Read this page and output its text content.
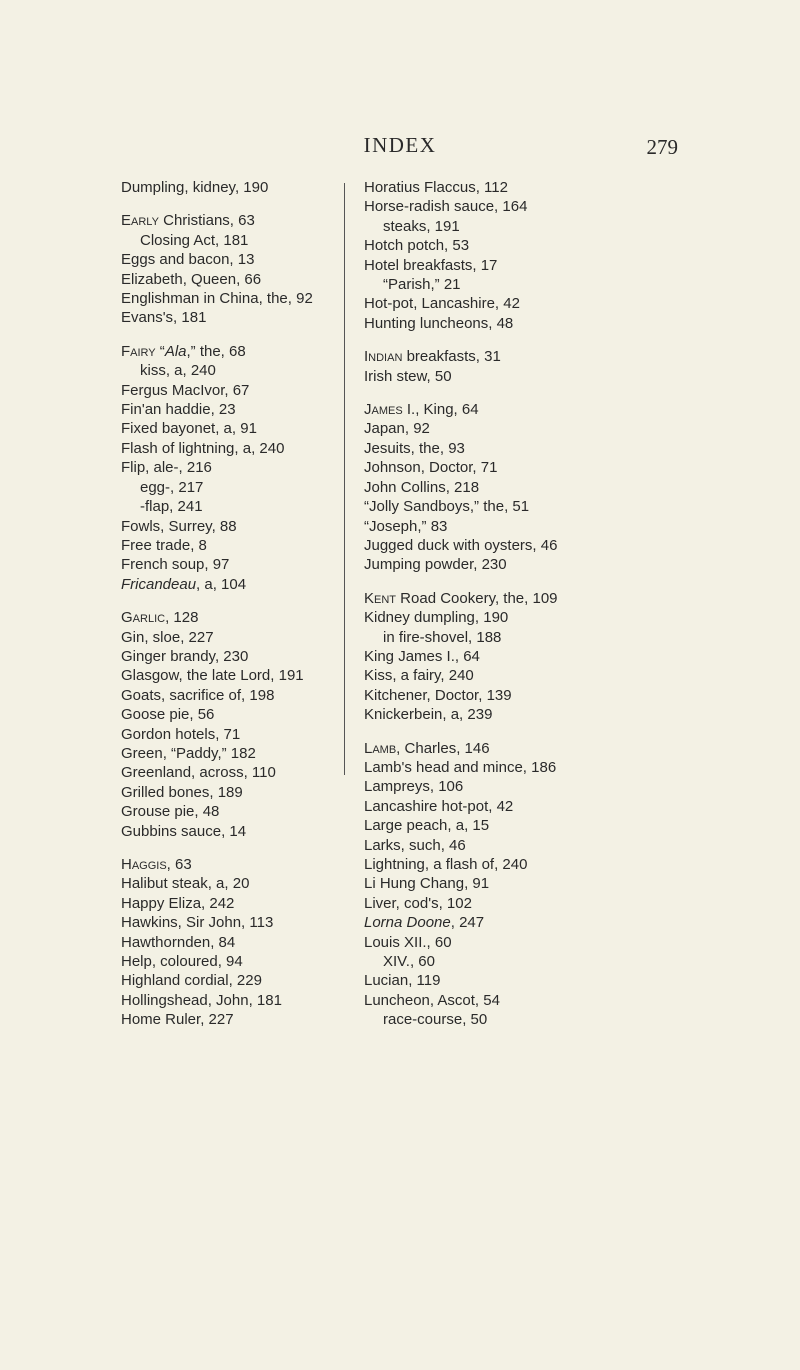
INDEX	279
Dumpling, kidney, 190
Early Christians, 63
Closing Act, 181
Eggs and bacon, 13
Elizabeth, Queen, 66
Englishman in China, the, 92
Evans's, 181
Fairy “Ala,” the, 68
kiss, a, 240
Fergus MacIvor, 67
Fin'an haddie, 23
Fixed bayonet, a, 91
Flash of lightning, a, 240
Flip, ale-, 216
egg-, 217
-flap, 241
Fowls, Surrey, 88
Free trade, 8
French soup, 97
Fricandeau, a, 104
Garlic, 128
Gin, sloe, 227
Ginger brandy, 230
Glasgow, the late Lord, 191
Goats, sacrifice of, 198
Goose pie, 56
Gordon hotels, 71
Green, “Paddy,” 182
Greenland, across, 110
Grilled bones, 189
Grouse pie, 48
Gubbins sauce, 14
Haggis, 63
Halibut steak, a, 20
Happy Eliza, 242
Hawkins, Sir John, 113
Hawthornden, 84
Help, coloured, 94
Highland cordial, 229
Hollingshead, John, 181
Home Ruler, 227
Horatius Flaccus, 112
Horse-radish sauce, 164
steaks, 191
Hotch potch, 53
Hotel breakfasts, 17
“Parish,” 21
Hot-pot, Lancashire, 42
Hunting luncheons, 48
Indian breakfasts, 31
Irish stew, 50
James I., King, 64
Japan, 92
Jesuits, the, 93
Johnson, Doctor, 71
John Collins, 218
“Jolly Sandboys,” the, 51
“Joseph,” 83
Jugged duck with oysters, 46
Jumping powder, 230
Kent Road Cookery, the, 109
Kidney dumpling, 190
in fire-shovel, 188
King James I., 64
Kiss, a fairy, 240
Kitchener, Doctor, 139
Knickerbein, a, 239
Lamb, Charles, 146
Lamb's head and mince, 186
Lampreys, 106
Lancashire hot-pot, 42
Large peach, a, 15
Larks, such, 46
Lightning, a flash of, 240
Li Hung Chang, 91
Liver, cod's, 102
Lorna Doone, 247
Louis XII., 60
XIV., 60
Lucian, 119
Luncheon, Ascot, 54
race-course, 50
